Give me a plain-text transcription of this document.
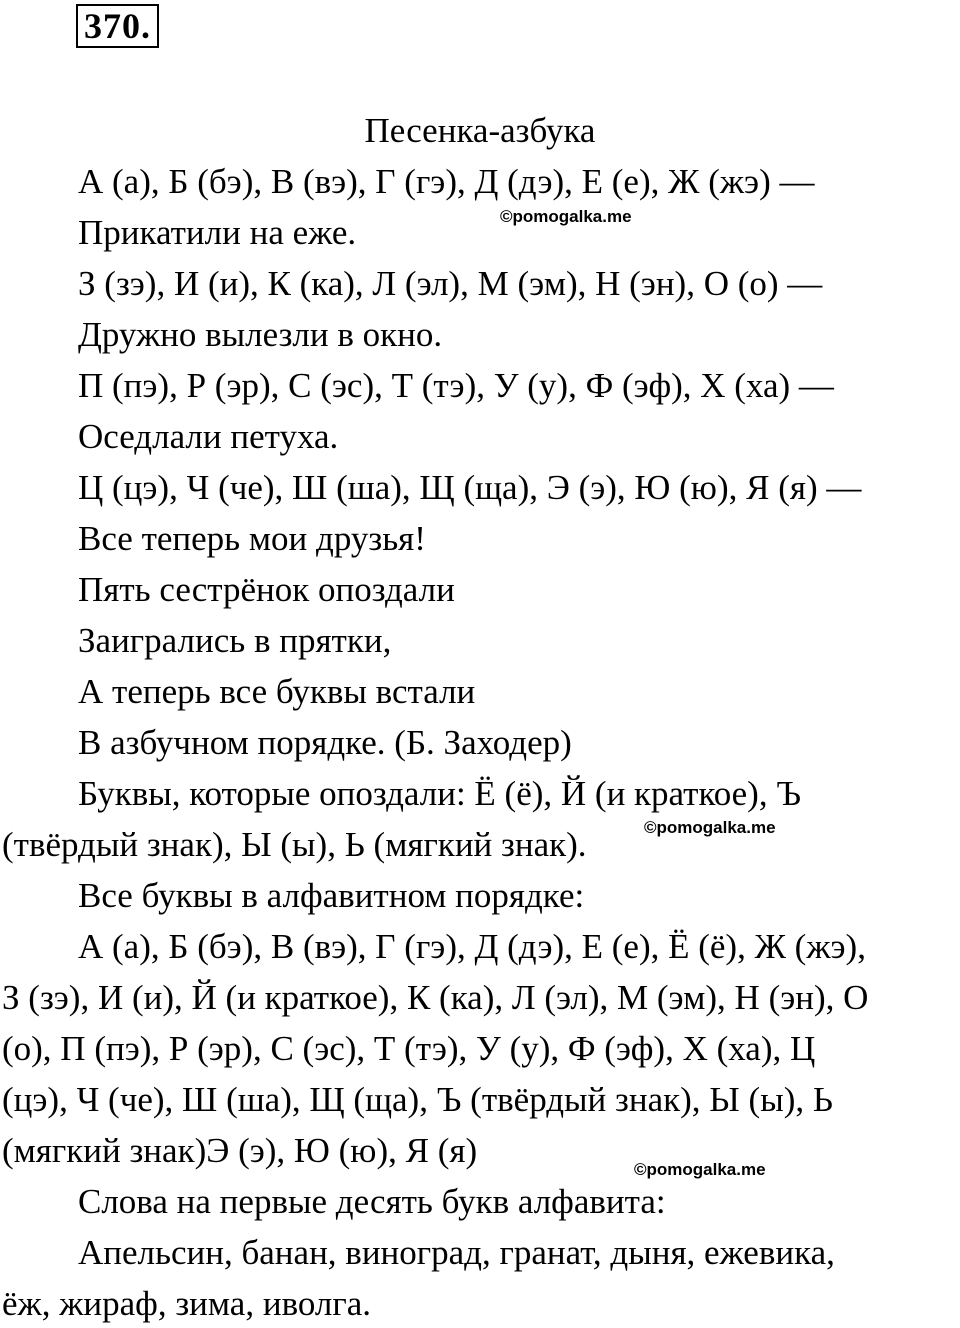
370.
Песенка-азбука

А (а), Б (бэ), В (вэ), Г (гэ), Д (дэ), Е (е), Ж (жэ) —

Прикатили на еже.

З (зэ), И (и), К (ка), Л (эл), М (эм), Н (эн), О (о) —

Дружно вылезли в окно.

П (пэ), Р (эр), С (эс), Т (тэ), У (у), Ф (эф), Х (ха) —

Оседлали петуха.

Ц (цэ), Ч (че), Ш (ша), Щ (ща), Э (э), Ю (ю), Я (я) —

Все теперь мои друзья!

Пять сестрёнок опоздали

Заигрались в прятки,

А теперь все буквы встали

В азбучном порядке. (Б. Заходер)

Буквы, которые опоздали: Ё (ё), Й (и краткое), Ъ

(твёрдый знак), Ы (ы), Ь (мягкий знак).

Все буквы в алфавитном порядке:

А (а), Б (бэ), В (вэ), Г (гэ), Д (дэ), Е (е), Ё (ё), Ж (жэ),

З (зэ), И (и), Й (и краткое), К (ка), Л (эл), М (эм), Н (эн), О

(о), П (пэ), Р (эр), С (эс), Т (тэ), У (у), Ф (эф), Х (ха), Ц

(цэ), Ч (че), Ш (ша), Щ (ща), Ъ (твёрдый знак), Ы (ы), Ь

(мягкий знак)Э (э), Ю (ю), Я (я)

Слова на первые десять букв алфавита:

Апельсин, банан, виноград, гранат, дыня, ежевика,

ёж, жираф, зима, иволга.

©pomogalka.me
©pomogalka.me
©pomogalka.me
